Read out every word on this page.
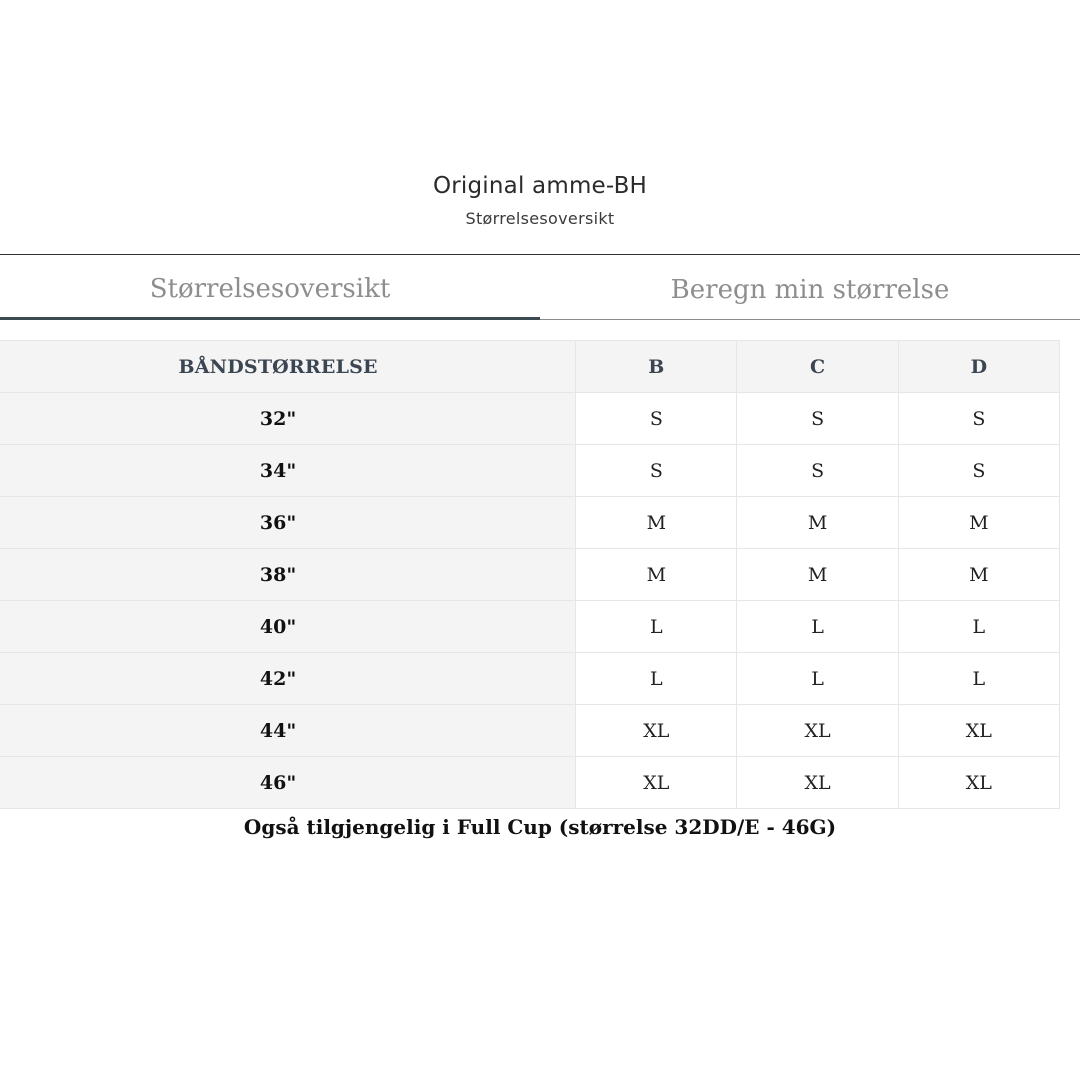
Original amme-BH
Størrelsesoversikt
Størrelsesoversikt	Beregn min størrelse
BÅNDSTØRRELSE	B	C	D
32"	S	S	S
34"	S	S	S
36"	M	M	M
38"	M	M	M
40"	L	L	L
42"	L	L	L
44"	XL	XL	XL
46"	XL	XL	XL
Også tilgjengelig i Full Cup (størrelse 32DD/E - 46G)
